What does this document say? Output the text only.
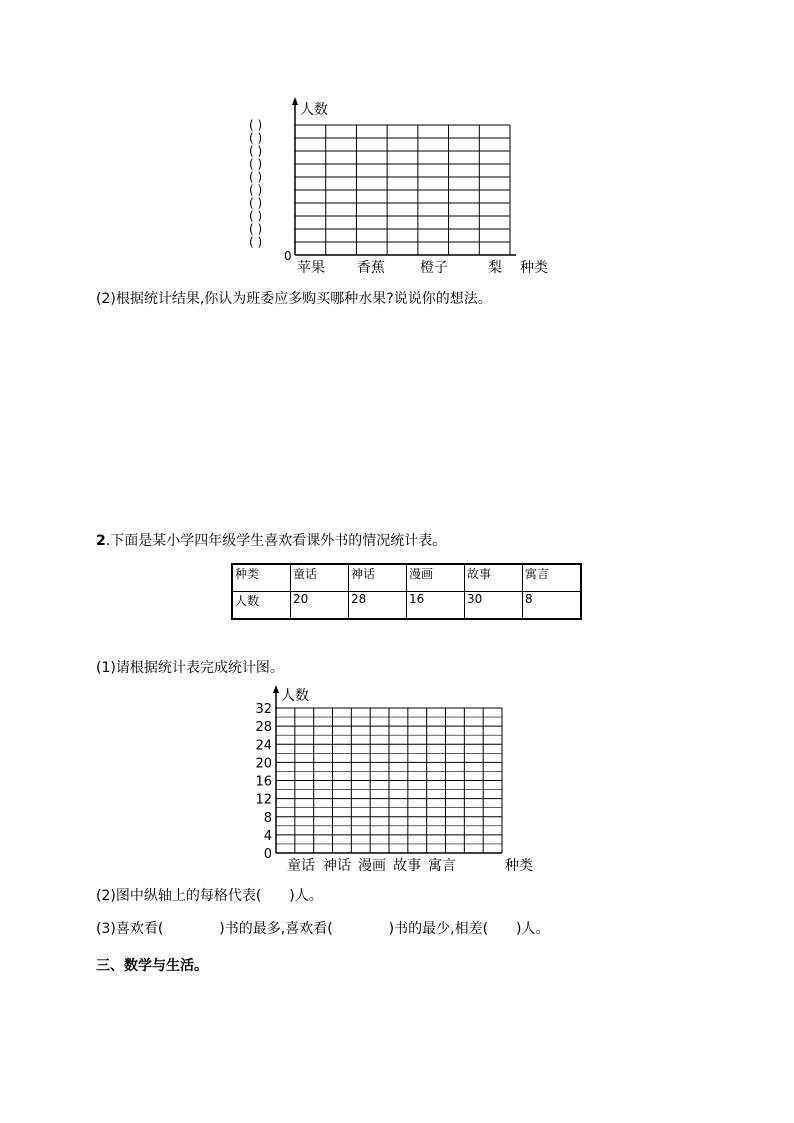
( )
( )
( )
( )
( )
( )
( )
( )
( )
( )
人数
0
苹果 香蕉	橙子	梨 种类
(2)根据统计结果,你认为班委应多购买哪种水果?说说你的想法。
2.下面是某小学四年级学生喜欢看课外书的情况统计表。
种类	童话	神话	漫画	故事	寓言
人数	20	28	16	30	8
(1)请根据统计表完成统计图。
0
4
8
12
16
20
24
28
32
人数
童话 神话 漫画 故事 寓言	种类
(2)图中纵轴上的每格代表(　　)人。
(3)喜欢看(　　　　)书的最多,喜欢看(　　　　)书的最少,相差(　　)人。
三、数学与生活。
